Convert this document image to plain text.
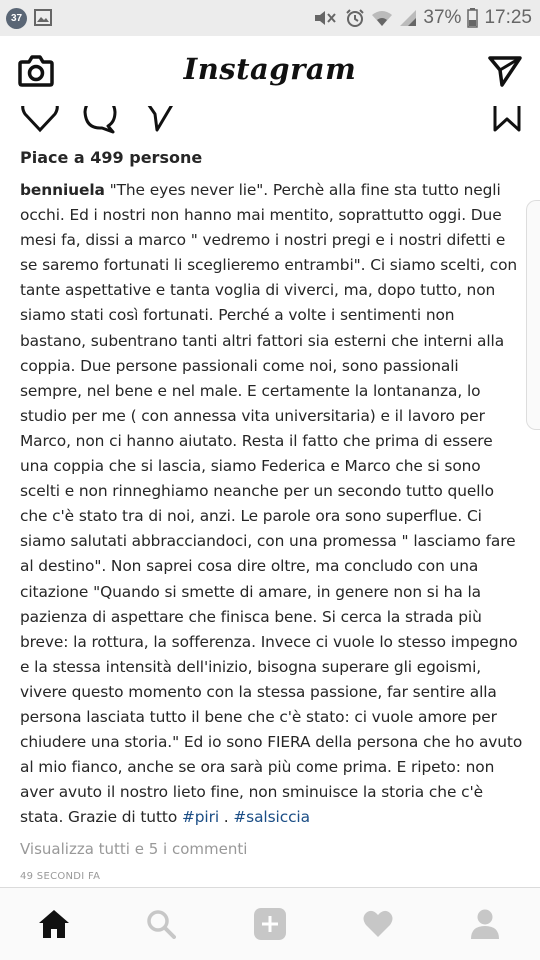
37	37% 17:25
Instagram
Piace a 499 persone
benniuela "The eyes never lie". Perchè alla fine sta tutto negli occhi. Ed i nostri non hanno mai mentito, soprattutto oggi. Due mesi fa, dissi a marco " vedremo i nostri pregi e i nostri difetti e se saremo fortunati li sceglieremo entrambi". Ci siamo scelti, con tante aspettative e tanta voglia di viverci, ma, dopo tutto, non siamo stati così fortunati. Perché a volte i sentimenti non bastano, subentrano tanti altri fattori sia esterni che interni alla coppia. Due persone passionali come noi, sono passionali sempre, nel bene e nel male. E certamente la lontananza, lo studio per me ( con annessa vita universitaria) e il lavoro per Marco, non ci hanno aiutato. Resta il fatto che prima di essere una coppia che si lascia, siamo Federica e Marco che si sono scelti e non rinneghiamo neanche per un secondo tutto quello che c'è stato tra di noi, anzi. Le parole ora sono superflue. Ci siamo salutati abbracciandoci, con una promessa " lasciamo fare al destino". Non saprei cosa dire oltre, ma concludo con una citazione "Quando si smette di amare, in genere non si ha la pazienza di aspettare che finisca bene. Si cerca la strada più breve: la rottura, la sofferenza. Invece ci vuole lo stesso impegno e la stessa intensità dell'inizio, bisogna superare gli egoismi, vivere questo momento con la stessa passione, far sentire alla persona lasciata tutto il bene che c'è stato: ci vuole amore per chiudere una storia." Ed io sono FIERA della persona che ho avuto al mio fianco, anche se ora sarà più come prima. E ripeto: non aver avuto il nostro lieto fine, non sminuisce la storia che c'è stata. Grazie di tutto #piri . #salsiccia
Visualizza tutti e 5 i commenti
49 SECONDI FA
